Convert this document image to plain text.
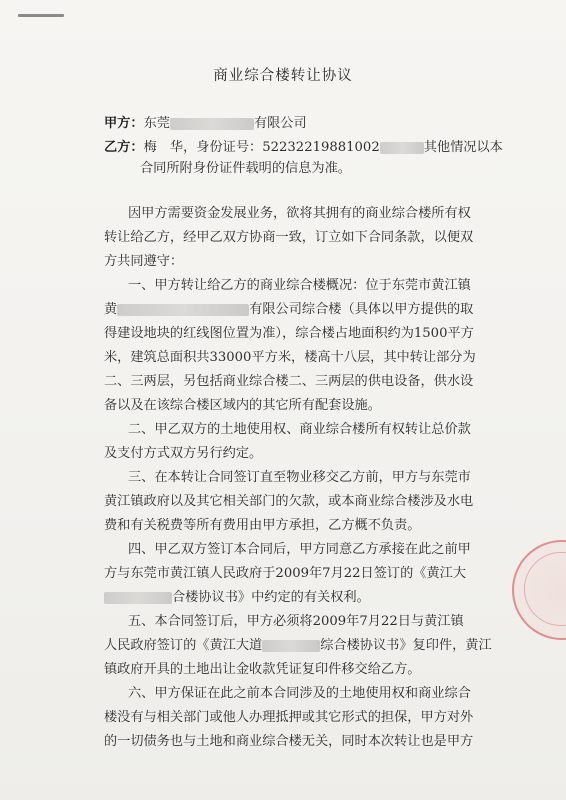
商业综合楼转让协议
甲方：东莞	有限公司
乙方：梅　华，身份证号：52232219881002	其他情况以本
合同所附身份证件载明的信息为准。
因甲方需要资金发展业务，欲将其拥有的商业综合楼所有权
转让给乙方，经甲乙双方协商一致，订立如下合同条款，以便双
方共同遵守：
一、甲方转让给乙方的商业综合楼概况：位于东莞市黄江镇
黄	有限公司综合楼（具体以甲方提供的取
得建设地块的红线图位置为准），综合楼占地面积约为1500平方
米，建筑总面积共33000平方米，楼高十八层，其中转让部分为
二、三两层，另包括商业综合楼二、三两层的供电设备，供水设
备以及在该综合楼区域内的其它所有配套设施。
二、甲乙双方的土地使用权、商业综合楼所有权转让总价款
及支付方式双方另行约定。
三、在本转让合同签订直至物业移交乙方前，甲方与东莞市
黄江镇政府以及其它相关部门的欠款，或本商业综合楼涉及水电
费和有关税费等所有费用由甲方承担，乙方概不负责。
四、甲乙双方签订本合同后，甲方同意乙方承接在此之前甲
方与东莞市黄江镇人民政府于2009年7月22日签订的《黄江大
合楼协议书》中约定的有关权利。
五、本合同签订后，甲方必须将2009年7月22日与黄江镇
人民政府签订的《黄江大道	综合楼协议书》复印件，黄江
镇政府开具的土地出让金收款凭证复印件移交给乙方。
六、甲方保证在此之前本合同涉及的土地使用权和商业综合
楼没有与相关部门或他人办理抵押或其它形式的担保，甲方对外
的一切债务也与土地和商业综合楼无关，同时本次转让也是甲方
